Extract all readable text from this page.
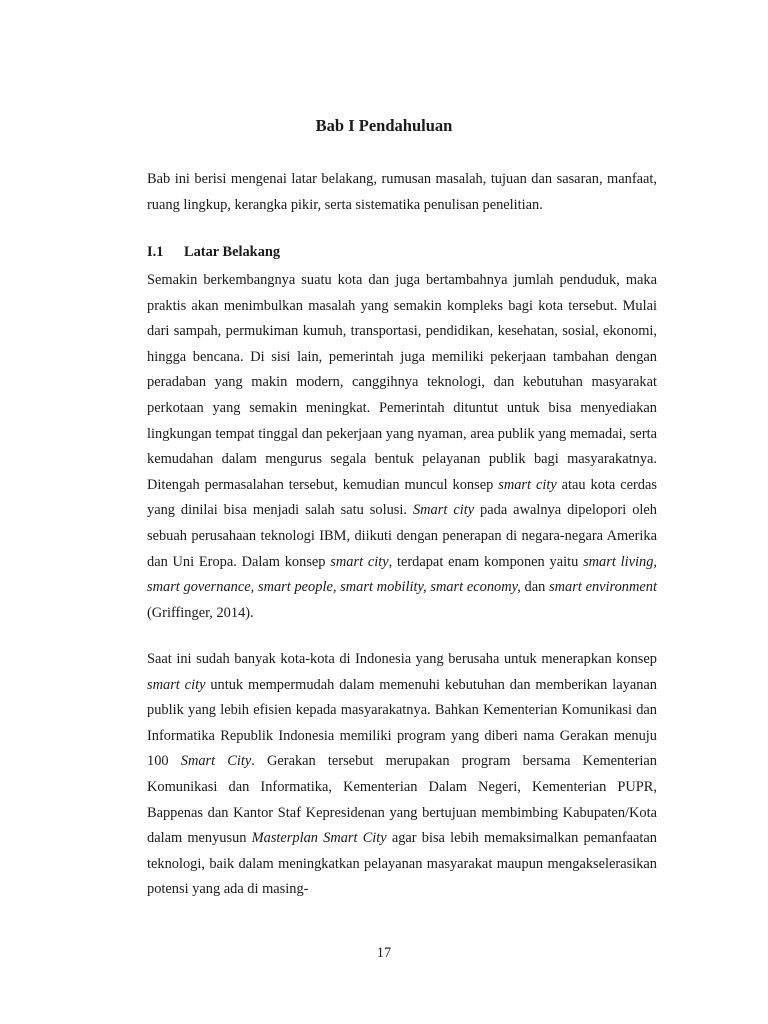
Bab I Pendahuluan

Bab ini berisi mengenai latar belakang, rumusan masalah, tujuan dan sasaran, manfaat, ruang lingkup, kerangka pikir, serta sistematika penulisan penelitian.

I.1 Latar Belakang

Semakin berkembangnya suatu kota dan juga bertambahnya jumlah penduduk, maka praktis akan menimbulkan masalah yang semakin kompleks bagi kota tersebut. Mulai dari sampah, permukiman kumuh, transportasi, pendidikan, kesehatan, sosial, ekonomi, hingga bencana. Di sisi lain, pemerintah juga memiliki pekerjaan tambahan dengan peradaban yang makin modern, canggihnya teknologi, dan kebutuhan masyarakat perkotaan yang semakin meningkat. Pemerintah dituntut untuk bisa menyediakan lingkungan tempat tinggal dan pekerjaan yang nyaman, area publik yang memadai, serta kemudahan dalam mengurus segala bentuk pelayanan publik bagi masyarakatnya. Ditengah permasalahan tersebut, kemudian muncul konsep smart city atau kota cerdas yang dinilai bisa menjadi salah satu solusi. Smart city pada awalnya dipelopori oleh sebuah perusahaan teknologi IBM, diikuti dengan penerapan di negara-negara Amerika dan Uni Eropa. Dalam konsep smart city, terdapat enam komponen yaitu smart living, smart governance, smart people, smart mobility, smart economy, dan smart environment (Griffinger, 2014).

Saat ini sudah banyak kota-kota di Indonesia yang berusaha untuk menerapkan konsep smart city untuk mempermudah dalam memenuhi kebutuhan dan memberikan layanan publik yang lebih efisien kepada masyarakatnya. Bahkan Kementerian Komunikasi dan Informatika Republik Indonesia memiliki program yang diberi nama Gerakan menuju 100 Smart City. Gerakan tersebut merupakan program bersama Kementerian Komunikasi dan Informatika, Kementerian Dalam Negeri, Kementerian PUPR, Bappenas dan Kantor Staf Kepresidenan yang bertujuan membimbing Kabupaten/Kota dalam menyusun Masterplan Smart City agar bisa lebih memaksimalkan pemanfaatan teknologi, baik dalam meningkatkan pelayanan masyarakat maupun mengakselerasikan potensi yang ada di masing-

17
